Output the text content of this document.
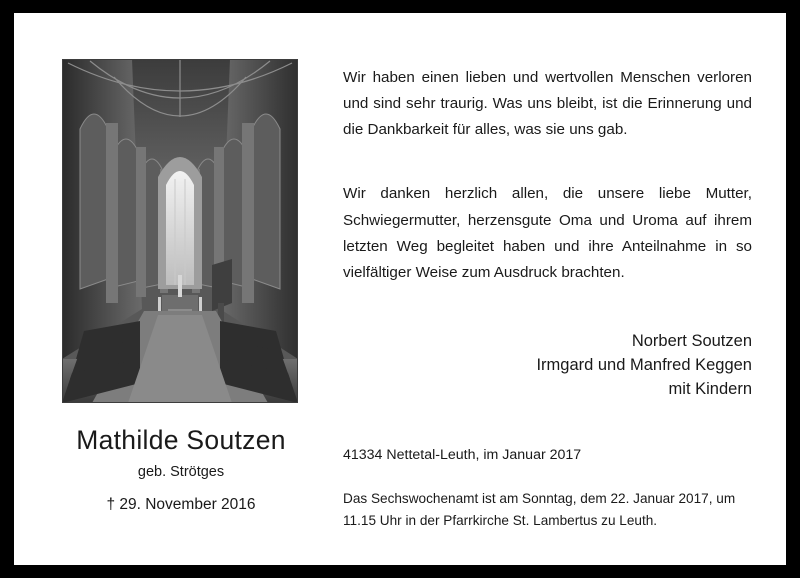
Mathilde Soutzen
geb. Strötges
† 29. November 2016

Wir haben einen lieben und wertvollen Menschen verloren und sind sehr traurig. Was uns bleibt, ist die Erinnerung und die Dankbarkeit für alles, was sie uns gab.

Wir danken herzlich allen, die unsere liebe Mutter, Schwiegermutter, herzensgute Oma und Uroma auf ihrem letzten Weg begleitet haben und ihre Anteilnahme in so vielfältiger Weise zum Ausdruck brachten.

Norbert Soutzen
Irmgard und Manfred Keggen
mit Kindern
41334 Nettetal-Leuth, im Januar 2017
Das Sechswochenamt ist am Sonntag, dem 22. Januar 2017, um
11.15 Uhr in der Pfarrkirche St. Lambertus zu Leuth.
